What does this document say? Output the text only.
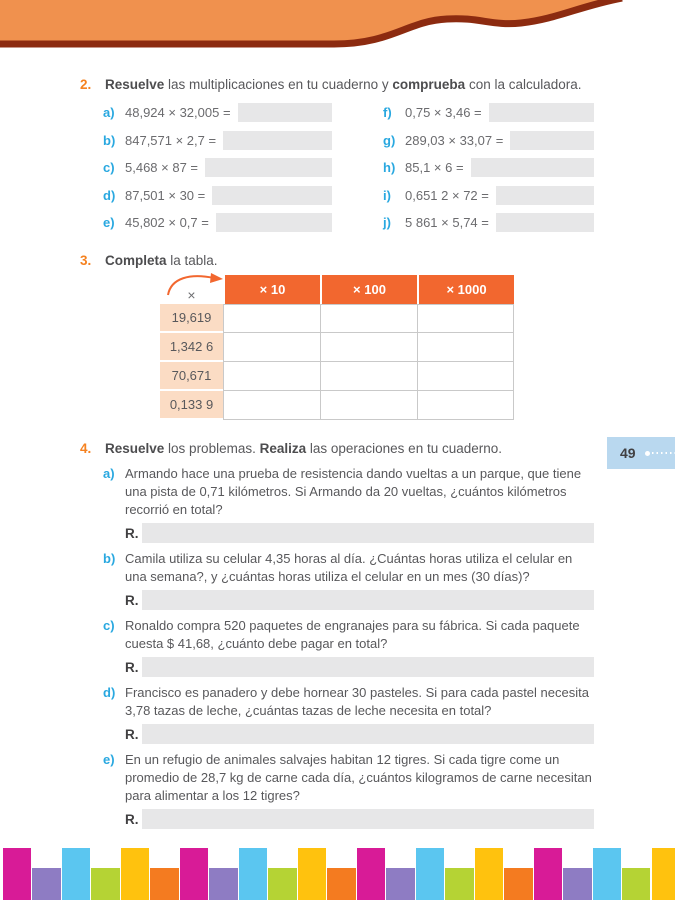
2.	Resuelve las multiplicaciones en tu cuaderno y comprueba con la calculadora.
a) 48,924 × 32,005 =
b) 847,571 × 2,7 =
c) 5,468 × 87 =
d) 87,501 × 30 =
e) 45,802 × 0,7 =
f)	0,75 × 3,46 =
g) 289,03 × 33,07 =
h) 85,1 × 6 =
i)	0,651 2 × 72 =
j)	5 861 × 5,74 =
3.	Completa la tabla.
×	× 10	× 100	× 1000
19,619
1,342 6
70,671
0,133 9
4.	Resuelve los problemas. Realiza las operaciones en tu cuaderno.
a) Armando hace una prueba de resistencia dando vueltas a un parque, que tiene una pista de 0,71 kilómetros. Si Armando da 20 vueltas, ¿cuántos kilómetros recorrió en total?
R.
b) Camila utiliza su celular 4,35 horas al día. ¿Cuántas horas utiliza el celular en una semana?, y ¿cuántas horas utiliza el celular en un mes (30 días)?
R.
c) Ronaldo compra 520 paquetes de engranajes para su fábrica. Si cada paquete cuesta $ 41,68, ¿cuánto debe pagar en total?
R.
d) Francisco es panadero y debe hornear 30 pasteles. Si para cada pastel necesita 3,78 tazas de leche, ¿cuántas tazas de leche necesita en total?
R.
e) En un refugio de animales salvajes habitan 12 tigres. Si cada tigre come un promedio de 28,7 kg de carne cada día, ¿cuántos kilogramos de carne necesitan para alimentar a los 12 tigres?
R.
49
